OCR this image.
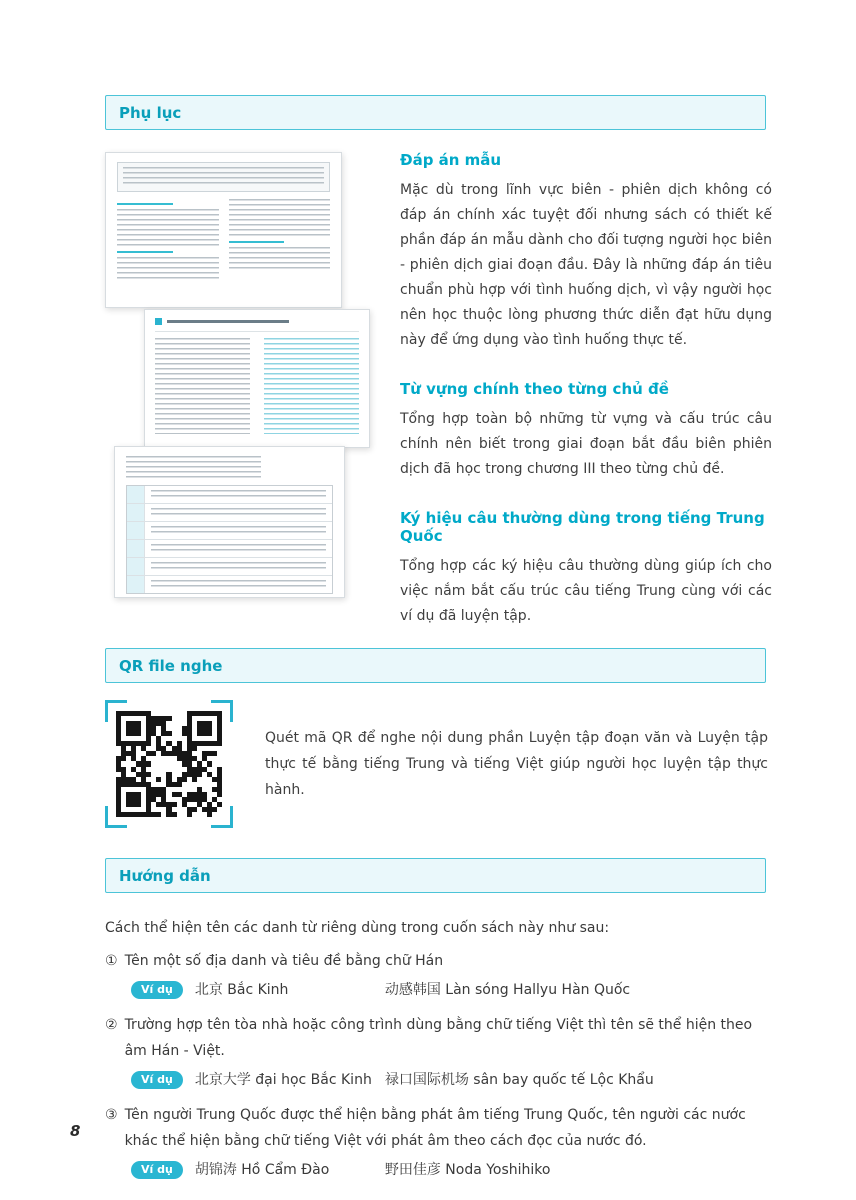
Phụ lục
Đáp án mẫu

Mặc dù trong lĩnh vực biên - phiên dịch không có đáp án chính xác tuyệt đối nhưng sách có thiết kế phần đáp án mẫu dành cho đối tượng người học biên - phiên dịch giai đoạn đầu. Đây là những đáp án tiêu chuẩn phù hợp với tình huống dịch, vì vậy người học nên học thuộc lòng phương thức diễn đạt hữu dụng này để ứng dụng vào tình huống thực tế.

Từ vựng chính theo từng chủ đề

Tổng hợp toàn bộ những từ vựng và cấu trúc câu chính nên biết trong giai đoạn bắt đầu biên phiên dịch đã học trong chương III theo từng chủ đề.

Ký hiệu câu thường dùng trong tiếng Trung Quốc

Tổng hợp các ký hiệu câu thường dùng giúp ích cho việc nắm bắt cấu trúc câu tiếng Trung cùng với các ví dụ đã luyện tập.

QR file nghe

Quét mã QR để nghe nội dung phần Luyện tập đoạn văn và Luyện tập thực tế bằng tiếng Trung và tiếng Việt giúp người học luyện tập thực hành.

Hướng dẫn

Cách thể hiện tên các danh từ riêng dùng trong cuốn sách này như sau:

① Tên một số địa danh và tiêu đề bằng chữ Hán
Ví dụ	北京 Bắc Kinh	动感韩国 Làn sóng Hallyu Hàn Quốc
② Trường hợp tên tòa nhà hoặc công trình dùng bằng chữ tiếng Việt thì tên sẽ thể hiện theo âm Hán - Việt.
Ví dụ	北京大学 đại học Bắc Kinh 禄口国际机场 sân bay quốc tế Lộc Khẩu
③ Tên người Trung Quốc được thể hiện bằng phát âm tiếng Trung Quốc, tên người các nước khác thể hiện bằng chữ tiếng Việt với phát âm theo cách đọc của nước đó.
Ví dụ	胡锦涛 Hồ Cẩm Đào	野田佳彦 Noda Yoshihiko
8
